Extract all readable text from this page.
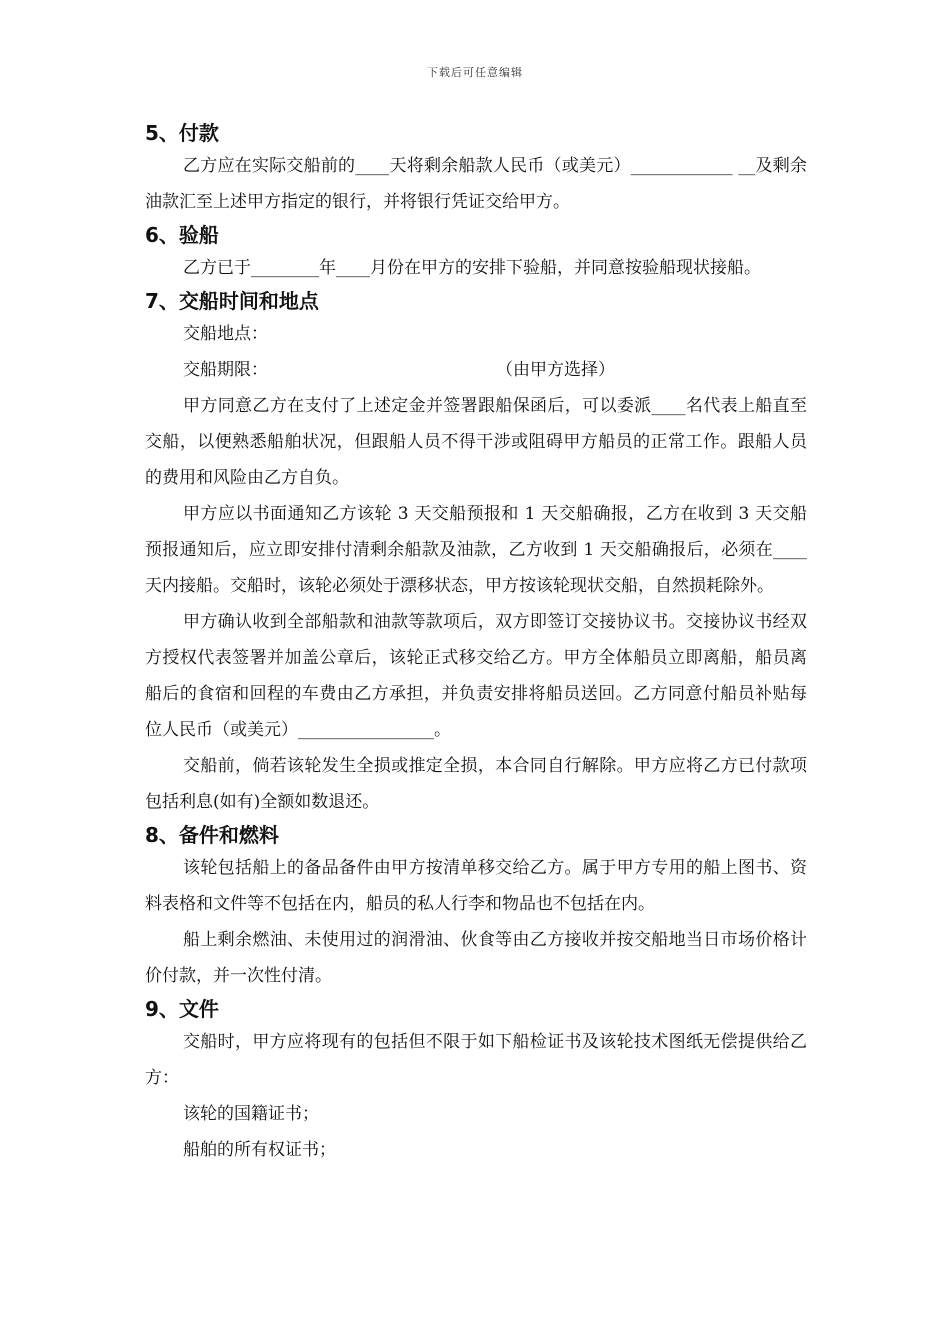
下载后可任意编辑
5、付款

乙方应在实际交船前的____天将剩余船款人民币（或美元）____________ __及剩余油款汇至上述甲方指定的银行，并将银行凭证交给甲方。

6、验船

乙方已于________年____月份在甲方的安排下验船，并同意按验船现状接船。

7、交船时间和地点

交船地点：

交船期限：	（由甲方选择）

甲方同意乙方在支付了上述定金并签署跟船保函后，可以委派____名代表上船直至交船，以便熟悉船舶状况，但跟船人员不得干涉或阻碍甲方船员的正常工作。跟船人员的费用和风险由乙方自负。

甲方应以书面通知乙方该轮 3 天交船预报和 1 天交船确报，乙方在收到 3 天交船预报通知后，应立即安排付清剩余船款及油款，乙方收到 1 天交船确报后，必须在____天内接船。交船时，该轮必须处于漂移状态，甲方按该轮现状交船，自然损耗除外。

甲方确认收到全部船款和油款等款项后，双方即签订交接协议书。交接协议书经双方授权代表签署并加盖公章后，该轮正式移交给乙方。甲方全体船员立即离船，船员离船后的食宿和回程的车费由乙方承担，并负责安排将船员送回。乙方同意付船员补贴每位人民币（或美元）________________。

交船前，倘若该轮发生全损或推定全损，本合同自行解除。甲方应将乙方已付款项包括利息(如有)全额如数退还。

8、备件和燃料

该轮包括船上的备品备件由甲方按清单移交给乙方。属于甲方专用的船上图书、资料表格和文件等不包括在内，船员的私人行李和物品也不包括在内。

船上剩余燃油、未使用过的润滑油、伙食等由乙方接收并按交船地当日市场价格计价付款，并一次性付清。

9、文件

交船时，甲方应将现有的包括但不限于如下船检证书及该轮技术图纸无偿提供给乙方：

该轮的国籍证书；

船舶的所有权证书；
